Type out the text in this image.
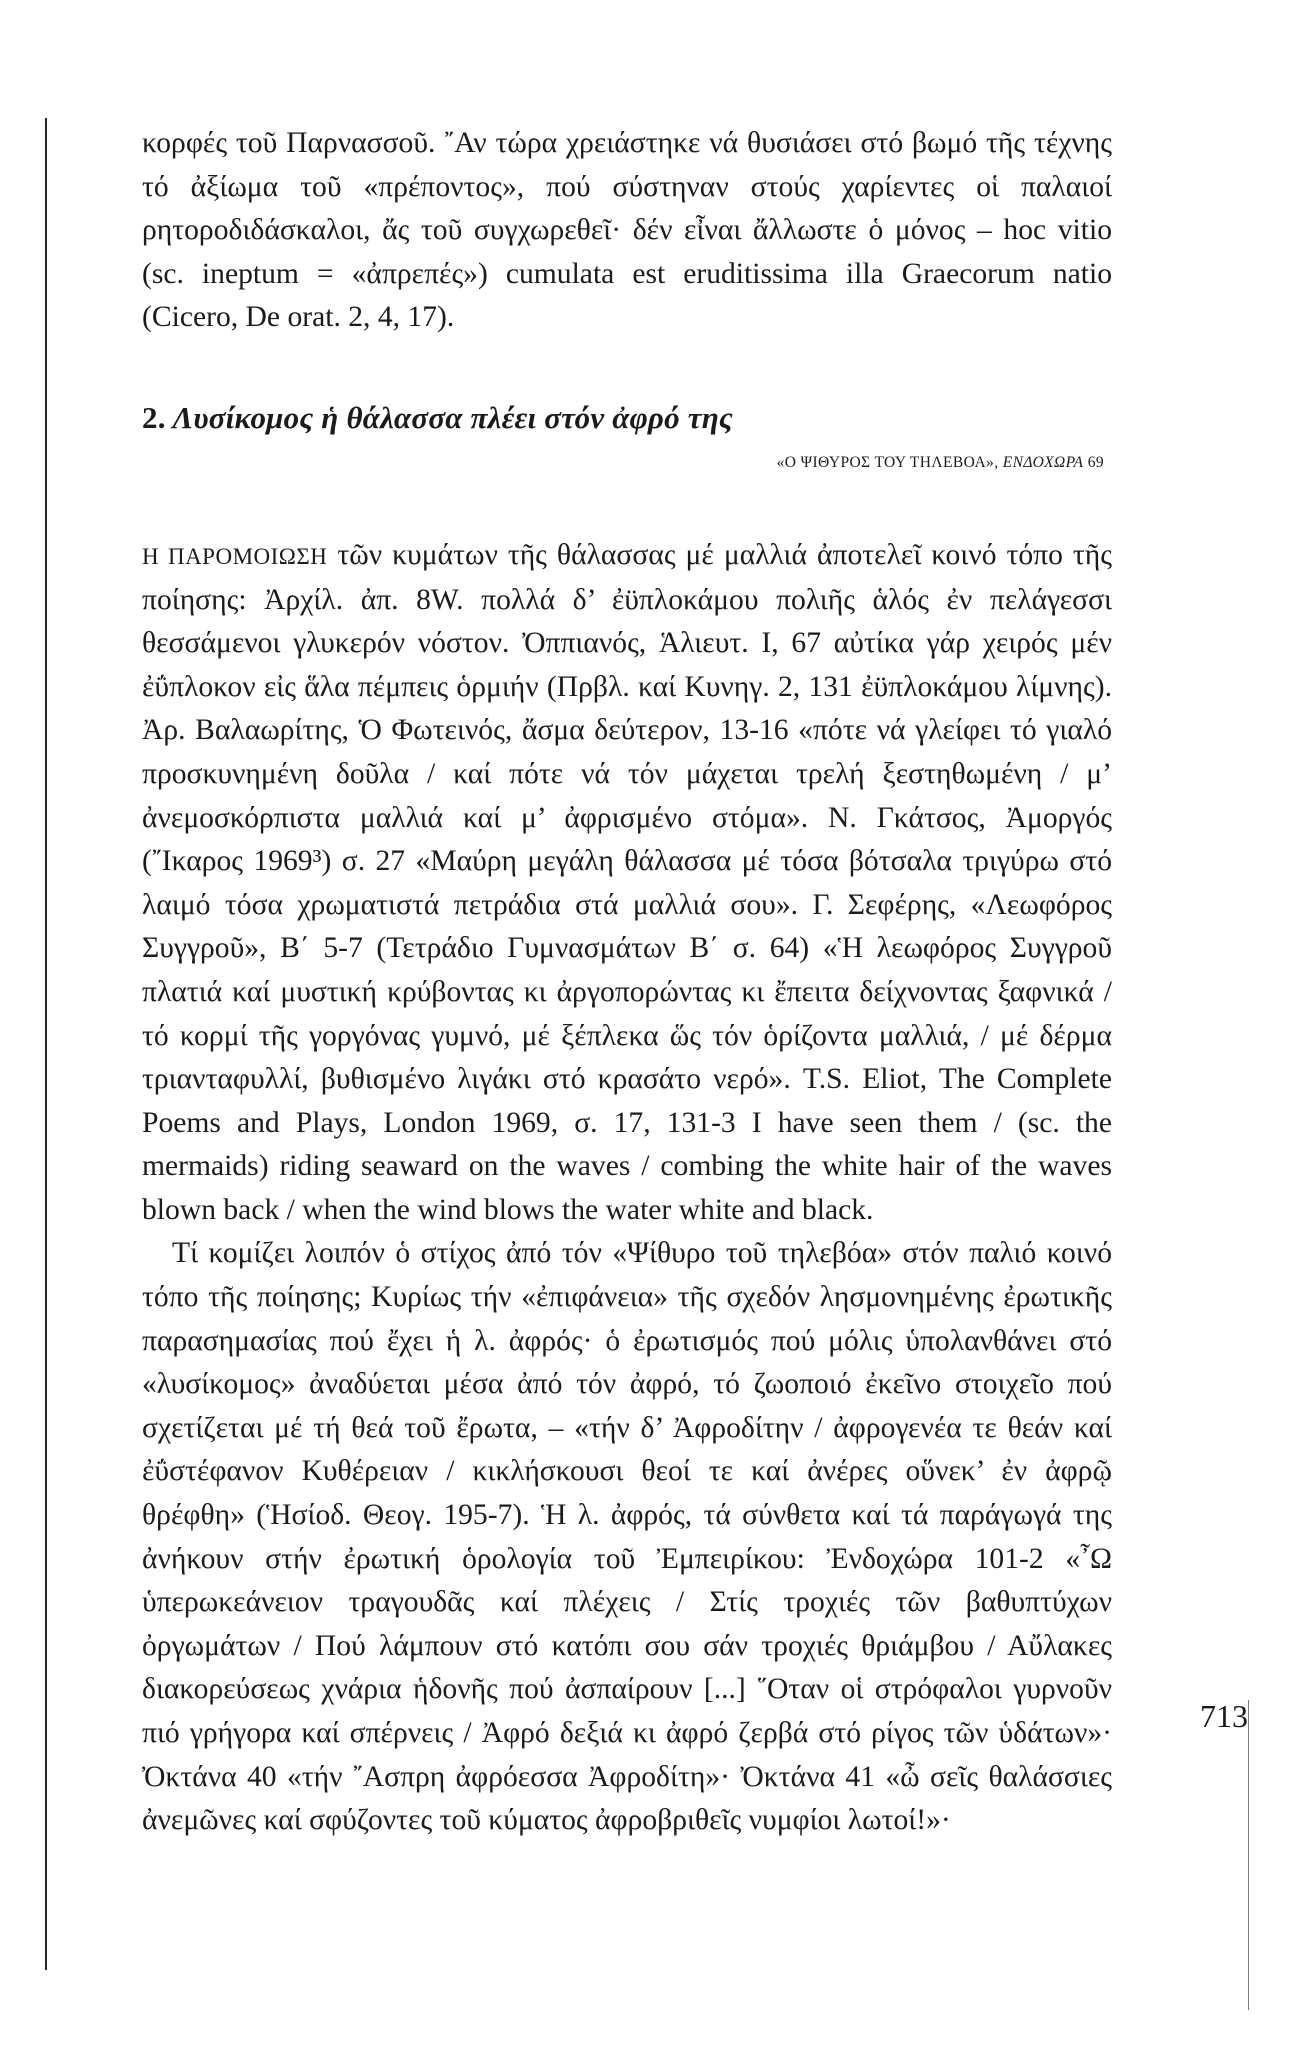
κορφές τοῦ Παρνασσοῦ. ῎Αν τώρα χρειάστηκε νά θυσιάσει στό βωμό τῆς τέχνης τό ἀξίωμα τοῦ «πρέποντος», πού σύστηναν στούς χαρίεντες οἱ παλαιοί ρητοροδιδάσκαλοι, ἄς τοῦ συγχωρεθεῖ· δέν εἶναι ἄλλωστε ὁ μόνος – hoc vitio (sc. ineptum = «ἀπρεπές») cumulata est eruditissima illa Graecorum natio (Cicero, De orat. 2, 4, 17).

2. Λυσίκομος ἡ θάλασσα πλέει στόν ἀφρό της

«Ο ΨΙΘΥΡΟΣ ΤΟΥ ΤΗΛΕΒΟΑ», ΕΝΔΟΧΩΡΑ 69

Η ΠΑΡΟΜΟΙΩΣΗ τῶν κυμάτων τῆς θάλασσας μέ μαλλιά ἀποτελεῖ κοινό τόπο τῆς ποίησης: Ἀρχίλ. ἀπ. 8W. πολλά δ’ ἐϋπλοκάμου πολιῆς ἁλός ἐν πελάγεσσι θεσσάμενοι γλυκερόν νόστον. Ὀππιανός, Ἁλιευτ. I, 67 αὐτίκα γάρ χειρός μέν ἐΰπλοκον εἰς ἅλα πέμπεις ὁρμιήν (Πρβλ. καί Κυνηγ. 2, 131 ἐϋπλοκάμου λίμνης). Ἀρ. Βαλαωρίτης, Ὁ Φωτεινός, ἄσμα δεύτερον, 13-16 «πότε νά γλείφει τό γιαλό προσκυνημένη δοῦλα / καί πότε νά τόν μάχεται τρελή ξεστηθωμένη / μ’ ἀνεμοσκόρπιστα μαλλιά καί μ’ ἀφρισμένο στόμα». Ν. Γκάτσος, Ἀμοργός (῎Ικαρος 1969³) σ. 27 «Μαύρη μεγάλη θάλασσα μέ τόσα βότσαλα τριγύρω στό λαιμό τόσα χρωματιστά πετράδια στά μαλλιά σου». Γ. Σεφέρης, «Λεωφόρος Συγγροῦ», Β΄ 5-7 (Τετράδιο Γυμνασμάτων Β΄ σ. 64) «Ἡ λεωφόρος Συγγροῦ πλατιά καί μυστική κρύβοντας κι ἀργοπορώντας κι ἔπειτα δείχνοντας ξαφνικά / τό κορμί τῆς γοργόνας γυμνό, μέ ξέπλεκα ὥς τόν ὁρίζοντα μαλλιά, / μέ δέρμα τριανταφυλλί, βυθισμένο λιγάκι στό κρασάτο νερό». T.S. Eliot, The Complete Poems and Plays, London 1969, σ. 17, 131-3 I have seen them / (sc. the mermaids) riding seaward on the waves / combing the white hair of the waves blown back / when the wind blows the water white and black.

Τί κομίζει λοιπόν ὁ στίχος ἀπό τόν «Ψίθυρο τοῦ τηλεβόα» στόν παλιό κοινό τόπο τῆς ποίησης; Κυρίως τήν «ἐπιφάνεια» τῆς σχεδόν λησμονημένης ἐρωτικῆς παρασημασίας πού ἔχει ἡ λ. ἀφρός· ὁ ἐρωτισμός πού μόλις ὑπολανθάνει στό «λυσίκομος» ἀναδύεται μέσα ἀπό τόν ἀφρό, τό ζωοποιό ἐκεῖνο στοιχεῖο πού σχετίζεται μέ τή θεά τοῦ ἔρωτα, – «τήν δ’ Ἀφροδίτην / ἀφρογενέα τε θεάν καί ἐΰστέφανον Κυθέρειαν / κικλήσκουσι θεοί τε καί ἀνέρες οὕνεκ’ ἐν ἀφρῷ θρέφθη» (Ἡσίοδ. Θεογ. 195-7). Ἡ λ. ἀφρός, τά σύνθετα καί τά παράγωγά της ἀνήκουν στήν ἐρωτική ὁρολογία τοῦ Ἐμπειρίκου: Ἐνδοχώρα 101-2 «῏Ω ὑπερωκεάνειον τραγουδᾶς καί πλέχεις / Στίς τροχιές τῶν βαθυπτύχων ὀργωμάτων / Πού λάμπουν στό κατόπι σου σάν τροχιές θριάμβου / Αὔλακες διακορεύσεως χνάρια ἡδονῆς πού ἀσπαίρουν [...] ῞Οταν οἱ στρόφαλοι γυρνοῦν πιό γρήγορα καί σπέρνεις / Ἀφρό δεξιά κι ἀφρό ζερβά στό ρίγος τῶν ὑδάτων»· Ὀκτάνα 40 «τήν ῎Ασπρη ἀφρόεσσα Ἀφροδίτη»· Ὀκτάνα 41 «ὦ σεῖς θαλάσσιες ἀνεμῶνες καί σφύζοντες τοῦ κύματος ἀφροβριθεῖς νυμφίοι λωτοί!»·

713
